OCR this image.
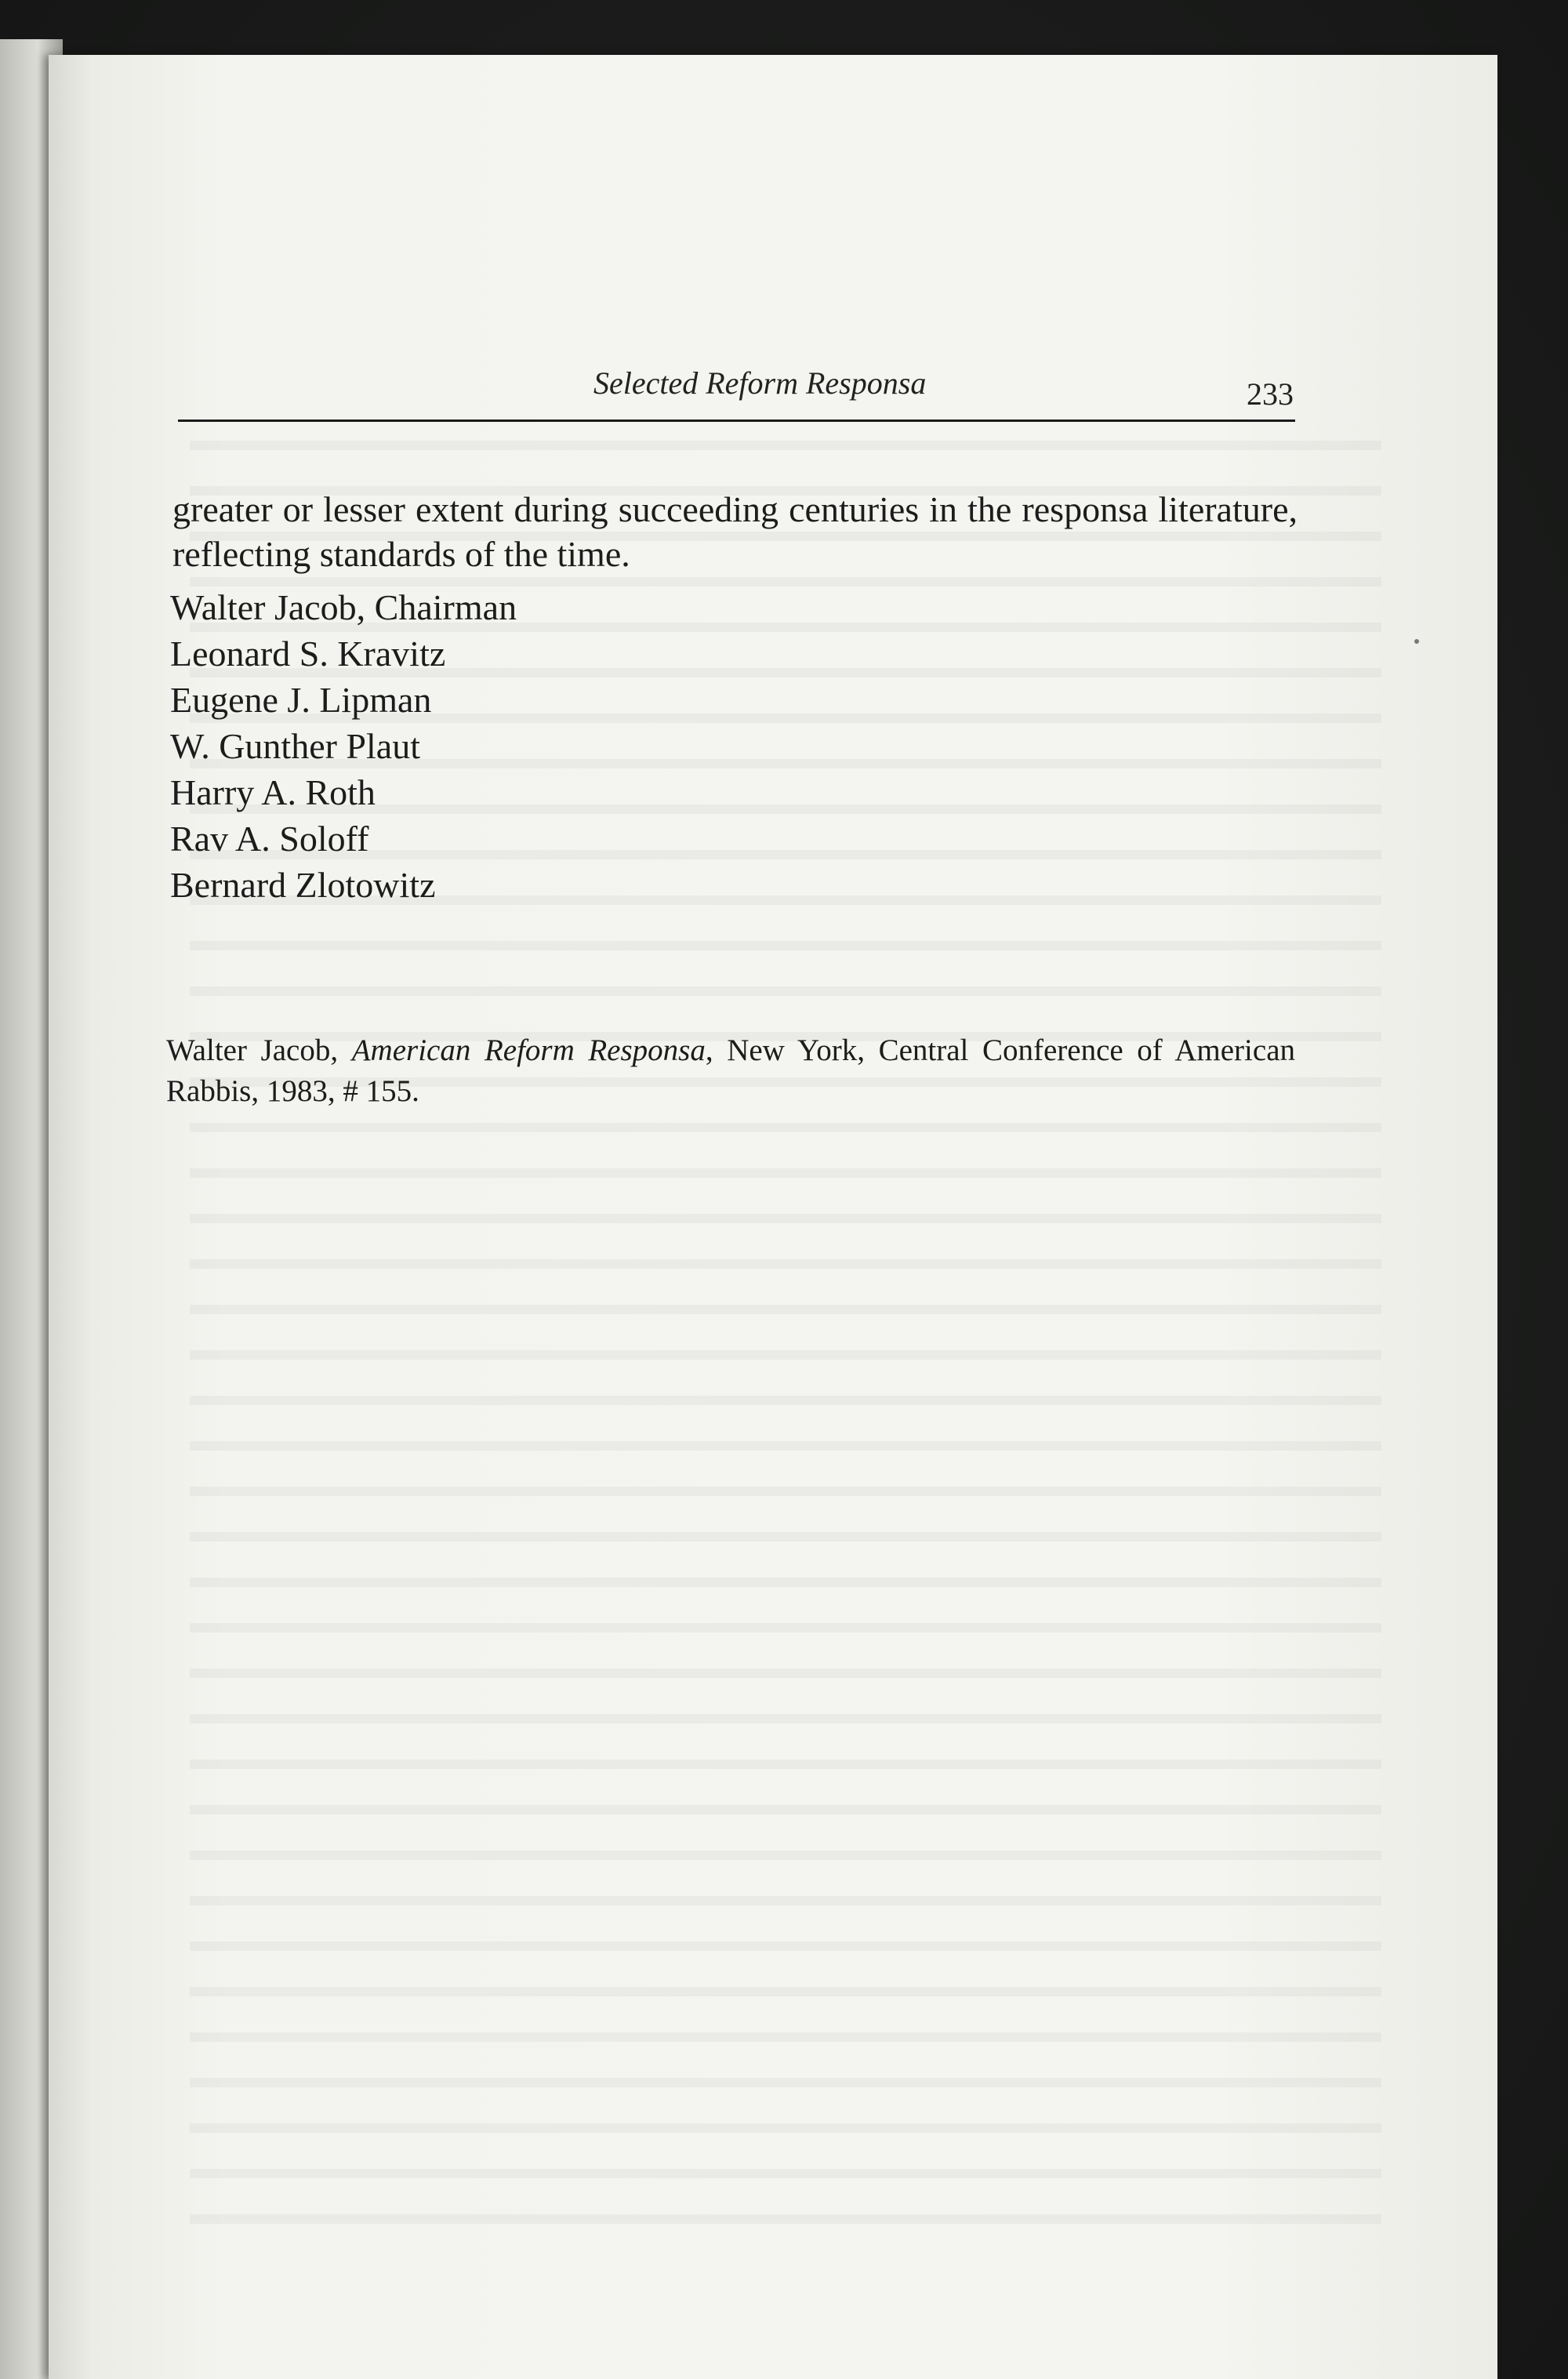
Selected Reform Responsa	233

greater or lesser extent during succeeding centuries in the responsa literature, reflecting standards of the time.

Walter Jacob, Chairman
Leonard S. Kravitz
Eugene J. Lipman
W. Gunther Plaut
Harry A. Roth
Rav A. Soloff
Bernard Zlotowitz

Walter Jacob, American Reform Responsa, New York, Central Conference of American Rabbis, 1983, # 155.
